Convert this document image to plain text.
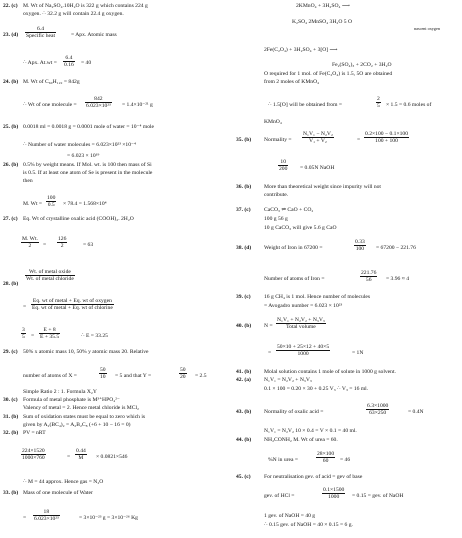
22. (c) M. Wt of Na₂SO₄.10H₂O is 322 g which contains 224 g
oxygen. ∴ 32.2 g will contain 22.4 g oxygen.
23. (d)	= Apx. Atomic mass
6.4
Specific heat
∴ Apx. At.wt =	= 40
$\frac{6.4}{0.16}$
24. (b) M. Wt of C₆₀H₁₂₂ = 842g
∴ Wt of one molecule =	= 1.4×10⁻²¹ g
$\frac{842}{\text{6.023×10²³}}$
25. (b) 0.0018 ml = 0.0018 g = 0.0001 mole of water = 10⁻⁴ mole
∴ Number of water molecules = 6.023×10²³ ×10⁻⁴
= 6.023 × 10¹⁹
26. (b) 0.5% by weight means. If Mol. wt. is 100 then mass of Si
is 0.5. If at least one atom of Se is present in the molecule
then
M. Wt =	× 78.4 = 1.568×10⁴
$\frac{100}{0.5}$
27. (c) Eq. Wt of crystalline oxalic acid (COOH)₂. 2H₂O
=	= 63
$\frac{M. Wt.}{2}$	$\frac{126}{2}$
28. (b)
Wt. of metal oxide
Wt. of metal chloride
=
Eq. wt of metal + Eq. wt of oxygen
Eq. wt of metal + Eq. wt of chlorine
=	∴ E = 33.25
$\frac{3}{5} \frac{E + 8}{E + 35.5}$
29. (c) 50% x atomic mass 10, 50% y atomic mass 20. Relative
number of atoms of X =	= 5 and that Y =	= 2.5
$\frac{50}{10}$	$\frac{50}{20}$
Simple Ratio 2 : 1. Formula X₂Y
30. (c) Formula of metal phosphate is M³⁺HPO₄²⁻
Valency of metal = 2. Hence metal chloride is MCl₂
31. (b) Sum of oxidation states must be equal to zero which is
given by A₂(BC₄)₂ = A₂B₂C₈ (+6 + 10 − 16 = 0)
32. (b) PV = nRT
=	× 0.0821×546
$\frac{224\times 1520}{1000\times 760}$	$\frac{0.44}{M}$
∴ M = 44 approx. Hence gas = N₂O
33. (b) Mass of one molecule of Water
=	= 3×10⁻²³ g = 3×10⁻²⁶ Kg
$\frac{18}{\text{6.023×10²³}}$
2KMnO₄ + 3H₂SO₄ ⟶
K₂SO₄ 2MnSO₄ 3H₂O 5 O
nascent oxygen
2Fe(C₂O₄) + 3H₂SO₄ + 3[O] ⟶
Fe₂(SO₄)₃ + 2CO₂ + 3H₂O
O required for 1 mol. of Fe(C₂O₄) is 1.5, 5O are obtained
from 2 moles of KMnO₄
∴ 1.5[O] will be obtained from =	× 1.5 = 0.6 moles of
$\frac{2}{5}$
KMnO₄
35. (b) Normality =	=
$\frac{\text{N₁V₁ − N₂V₂}}{\text{V₁ + V₂}}$	$\frac{0.2\times 100 - 0.1\times 100}{100 + 100}$
= 0.05N NaOH
$\frac{10}{200}$
36. (b) More than theoretical weight since impurity will not
contribute.
37. (c) CaCO₃ ⇌ CaO + CO₂
100 g 56 g
10 g CaCO₃ will give 5.6 g CaO
38. (d) Weight of Iron in 67200 =	= 67200 − 221.76
$\frac{0.33}{100}$
Number of atoms of Iron =	= 3.96 ≈ 4
$\frac{221.76}{56}$
39. (c) 16 g CH₄ is 1 mol. Hence number of molecules
= Avogadro number = 6.023 × 10²³
40. (b) N =
N₁V₁ + N₂V₂ + N₃V₃
Total volume
=	= 1N
$\frac{50\times 10 + 25\times 12 + 40\times 5}{1000}$
41. (b) Molal solution contains 1 mole of solute in 1000 g solvent.
42. (a) N₁V₁ = N₂V₂ + N₃V₃
0.1 × 100 = 0.20 × 30 + 0.25 V₃ ∴ V₃ = 16 ml.
43. (b) Normality of oxalic acid =	= 0.4N
$\frac{6.3\times 1000}{63\times 250}$
N₁V₁ = N₂V₂ 10 × 0.4 = V × 0.1 = 40 ml.
44. (b) NH₂CONH₂ M. Wt of urea = 60.
%N in urea =	= 46
$\frac{28\times 100}{60}$
45. (c) For neutralisation gev. of acid = gev of base
gev. of HCl =	= 0.15 = gev. of NaOH
$\frac{0.1\times 1500}{1000}$
1 gev. of NaOH = 40 g
∴ 0.15 gev. of NaOH = 40 × 0.15 = 6 g.
